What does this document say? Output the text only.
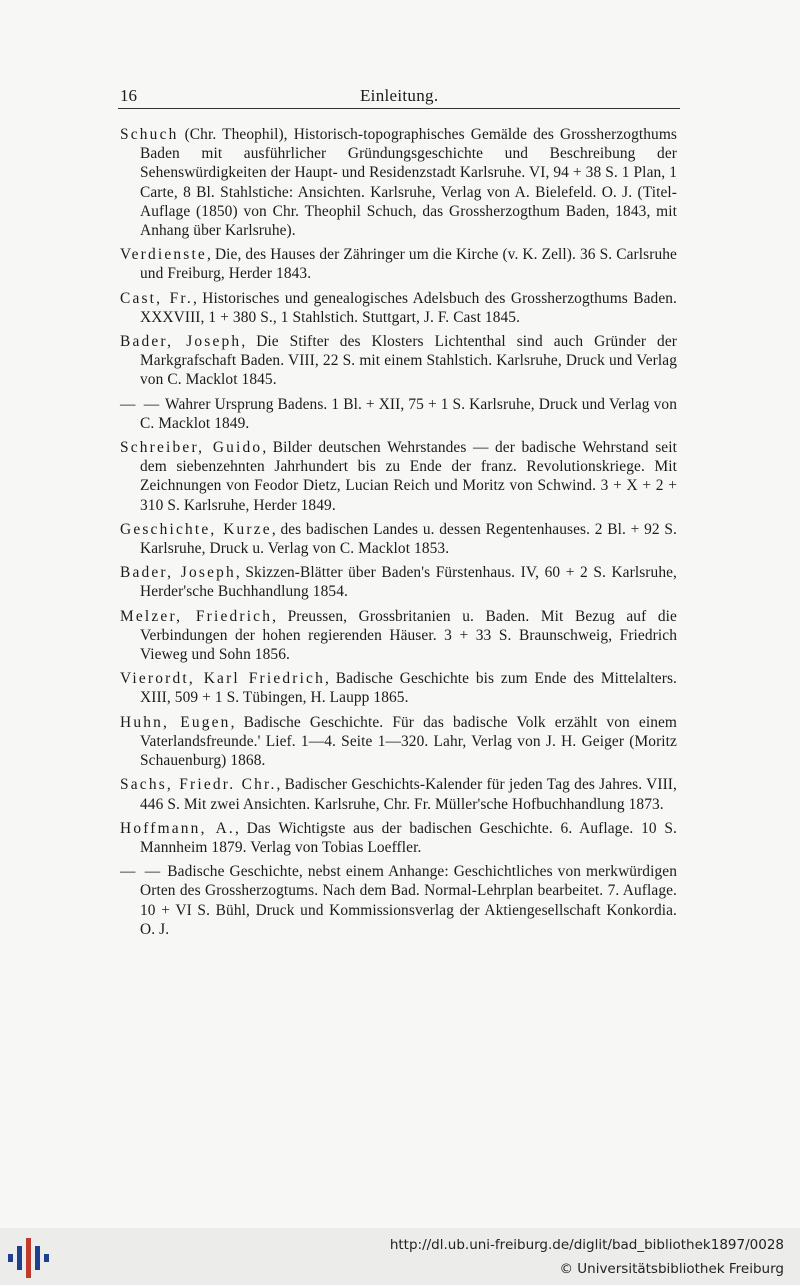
16	Einleitung.

Schuch (Chr. Theophil), Historisch-topographisches Gemälde des Grossherzogthums Baden mit ausführlicher Gründungsgeschichte und Beschreibung der Sehenswürdigkeiten der Haupt- und Residenzstadt Karlsruhe. VI, 94 + 38 S. 1 Plan, 1 Carte, 8 Bl. Stahlstiche: Ansichten. Karlsruhe, Verlag von A. Bielefeld. O. J. (Titel-Auflage (1850) von Chr. Theophil Schuch, das Grossherzogthum Baden, 1843, mit Anhang über Karlsruhe).

Verdienste, Die, des Hauses der Zähringer um die Kirche (v. K. Zell). 36 S. Carlsruhe und Freiburg, Herder 1843.

Cast, Fr., Historisches und genealogisches Adelsbuch des Grossherzogthums Baden. XXXVIII, 1 + 380 S., 1 Stahlstich. Stuttgart, J. F. Cast 1845.

Bader, Joseph, Die Stifter des Klosters Lichtenthal sind auch Gründer der Markgrafschaft Baden. VIII, 22 S. mit einem Stahlstich. Karlsruhe, Druck und Verlag von C. Macklot 1845.

— — Wahrer Ursprung Badens. 1 Bl. + XII, 75 + 1 S. Karlsruhe, Druck und Verlag von C. Macklot 1849.

Schreiber, Guido, Bilder deutschen Wehrstandes — der badische Wehrstand seit dem siebenzehnten Jahrhundert bis zu Ende der franz. Revolutionskriege. Mit Zeichnungen von Feodor Dietz, Lucian Reich und Moritz von Schwind. 3 + X + 2 + 310 S. Karlsruhe, Herder 1849.

Geschichte, Kurze, des badischen Landes u. dessen Regentenhauses. 2 Bl. + 92 S. Karlsruhe, Druck u. Verlag von C. Macklot 1853.

Bader, Joseph, Skizzen-Blätter über Baden's Fürstenhaus. IV, 60 + 2 S. Karlsruhe, Herder'sche Buchhandlung 1854.

Melzer, Friedrich, Preussen, Grossbritanien u. Baden. Mit Bezug auf die Verbindungen der hohen regierenden Häuser. 3 + 33 S. Braunschweig, Friedrich Vieweg und Sohn 1856.

Vierordt, Karl Friedrich, Badische Geschichte bis zum Ende des Mittelalters. XIII, 509 + 1 S. Tübingen, H. Laupp 1865.

Huhn, Eugen, Badische Geschichte. Für das badische Volk erzählt von einem Vaterlandsfreunde.' Lief. 1—4. Seite 1—320. Lahr, Verlag von J. H. Geiger (Moritz Schauenburg) 1868.

Sachs, Friedr. Chr., Badischer Geschichts-Kalender für jeden Tag des Jahres. VIII, 446 S. Mit zwei Ansichten. Karlsruhe, Chr. Fr. Müller'sche Hofbuchhandlung 1873.

Hoffmann, A., Das Wichtigste aus der badischen Geschichte. 6. Auflage. 10 S. Mannheim 1879. Verlag von Tobias Loeffler.

— — Badische Geschichte, nebst einem Anhange: Geschichtliches von merkwürdigen Orten des Grossherzogtums. Nach dem Bad. Normal-Lehrplan bearbeitet. 7. Auflage. 10 + VI S. Bühl, Druck und Kommissionsverlag der Aktiengesellschaft Konkordia. O. J.

http://dl.ub.uni-freiburg.de/diglit/bad_bibliothek1897/0028
© Universitätsbibliothek Freiburg
